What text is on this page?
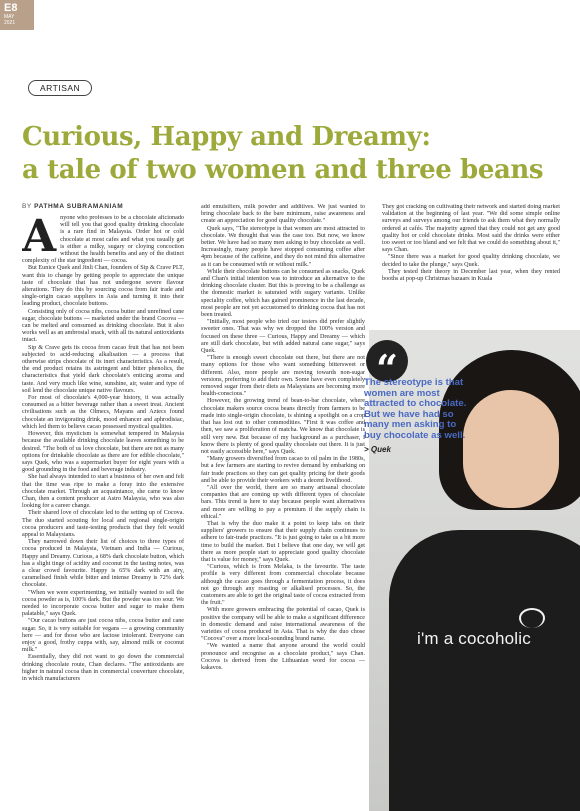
E8
MAY
2021
ARTISAN
Curious, Happy and Dreamy:
a tale of two women and three beans
BY PATHMA SUBRAMANIAM
A nyone who professes to be a chocolate aficionado will tell you that good quality drinking chocolate is a rare find in Malaysia. Order hot or cold chocolate at most cafes and what you usually get is either a milky, sugary or cloying concoction without the health benefits and any of the distinct complexity of the star ingredient — cocoa.

But Eunice Quek and Jinli Chan, founders of Sip & Crave PLT, want this to change by getting people to appreciate the unique taste of chocolate that has not undergone severe flavour alterations. They do this by sourcing cocoa from fair trade and single-origin cacao suppliers in Asia and turning it into their leading product, chocolate buttons.

Consisting only of cocoa nibs, cocoa butter and unrefined cane sugar, chocolate buttons — marketed under the brand Cocova — can be melted and consumed as drinking chocolate. But it also works well as an ambrosial snack, with all its natural antioxidants intact.

Sip & Crave gets its cocoa from cacao fruit that has not been subjected to acid-reducing alkalisation — a process that otherwise strips chocolate of its inert characteristics. As a result, the end product retains its astringent and bitter phenolics, the characteristics that yield dark chocolate's enticing aroma and taste. And very much like wine, sunshine, air, water and type of soil lend the chocolate unique native flavours.

For most of chocolate's 4,000-year history, it was actually consumed as a bitter beverage rather than a sweet treat. Ancient civilisations such as the Olmecs, Mayans and Aztecs found chocolate an invigorating drink, mood enhancer and aphrodisiac, which led them to believe cacao possessed mystical qualities.

However, this mysticism is somewhat tempered in Malaysia because the available drinking chocolate leaves something to be desired. "The both of us love chocolate, but there are not as many options for drinkable chocolate as there are for edible chocolate," says Quek, who was a supermarket buyer for eight years with a good grounding in the food and beverage industry.

She had always intended to start a business of her own and felt that the time was ripe to make a foray into the extensive chocolate market. Through an acquaintance, she came to know Chan, then a content producer at Astro Malaysia, who was also looking for a career change.

Their shared love of chocolate led to the setting up of Cocova. The duo started scouting for local and regional single-origin cocoa producers and taste-testing products that they felt would appeal to Malaysians.

They narrowed down their list of choices to three types of cocoa produced in Malaysia, Vietnam and India — Curious, Happy and Dreamy. Curious, a 68% dark chocolate button, which has a slight tinge of acidity and coconut in the tasting notes, was a clear crowd favourite. Happy is 65% dark with an airy, caramelised finish while bitter and intense Dreamy is 72% dark chocolate.

"When we were experimenting, we initially wanted to sell the cocoa powder as is, 100% dark. But the powder was too sour. We needed to incorporate cocoa butter and sugar to make them palatable," says Quek.

"Our cacao buttons are just cocoa nibs, cocoa butter and cane sugar. So, it is very suitable for vegans — a growing community here — and for those who are lactose intolerant. Everyone can enjoy a good, frothy cuppa with, say, almond milk or coconut milk."

Essentially, they did not want to go down the commercial drinking chocolate route, Chan declares. "The antioxidants are higher in natural cocoa than in commercial couverture chocolate, in which manufacturers

add emulsifiers, milk powder and additives. We just wanted to bring chocolate back to the bare minimum, raise awareness and create an appreciation for good quality chocolate."

Quek says, "The stereotype is that women are most attracted to chocolate. We thought that was the case too. But now, we know better. We have had so many men asking to buy chocolate as well. Increasingly, many people have stopped consuming coffee after 4pm because of the caffeine, and they do not mind this alternative as it can be consumed with or without milk."

While their chocolate buttons can be consumed as snacks, Quek and Chan's initial intention was to introduce an alternative to the drinking chocolate cluster. But this is proving to be a challenge as the domestic market is saturated with sugary variants. Unlike speciality coffee, which has gained prominence in the last decade, most people are not yet accustomed to drinking cocoa that has not been treated.

"Initially, most people who tried our testers did prefer slightly sweeter ones. That was why we dropped the 100% version and focused on these three — Curious, Happy and Dreamy — which are still dark chocolate, but with added natural cane sugar," says Quek.

"There is enough sweet chocolate out there, but there are not many options for those who want something bittersweet or different. Also, more people are moving towards non-sugar versions, preferring to add their own. Some have even completely removed sugar from their diets as Malaysians are becoming more health-conscious."

However, the growing trend of bean-to-bar chocolate, where chocolate makers source cocoa beans directly from farmers to be made into single-origin chocolate, is shining a spotlight on a crop that has lost out to other commodities. "First it was coffee and then, we saw a proliferation of matcha. We know that chocolate is still very new. But because of my background as a purchaser, I know there is plenty of good quality chocolate out there. It is just not easily accessible here," says Quek.

"Many growers diversified from cacao to oil palm in the 1980s, but a few farmers are starting to revive demand by embarking on fair trade practices so they can get quality pricing for their goods and be able to provide their workers with a decent livelihood.

"All over the world, there are so many artisanal chocolate companies that are coming up with different types of chocolate bars. This trend is here to stay because people want alternatives and more are willing to pay a premium if the supply chain is ethical."

That is why the duo make it a point to keep tabs on their suppliers' growers to ensure that their supply chain continues to adhere to fair-trade practices. "It is just going to take us a bit more time to build the market. But I believe that one day, we will get there as more people start to appreciate good quality chocolate that is value for money," says Quek.

"Curious, which is from Melaka, is the favourite. The taste profile is very different from commercial chocolate because although the cacao goes through a fermentation process, it does not go through any roasting or alkalised processes. So, the customers are able to get the original taste of cocoa extracted from the fruit."

With more growers embracing the potential of cacao, Quek is positive the company will be able to make a significant difference in domestic demand and raise international awareness of the varieties of cocoa produced in Asia. That is why the duo chose "Cocova" over a more local-sounding brand name.

"We wanted a name that anyone around the world could pronounce and recognise as a chocolate product," says Chan. Cocova is derived from the Lithuanian word for cocoa — kakavos.

They got cracking on cultivating their network and started doing market validation at the beginning of last year. "We did some simple online surveys and surveys among our friends to ask them what they normally ordered at cafés. The majority agreed that they could not get any good quality hot or cold chocolate drinks. Most said the drinks were either too sweet or too bland and we felt that we could do something about it," says Chan.

"Since there was a market for good quality drinking chocolate, we decided to take the plunge," says Quek.

They tested their theory in December last year, when they rented booths at pop-up Christmas bazaars in Kuala

i'm a cocoholic
“
The stereotype is that women are most attracted to chocolate. But we have had so many men asking to buy chocolate as well.
> Quek
